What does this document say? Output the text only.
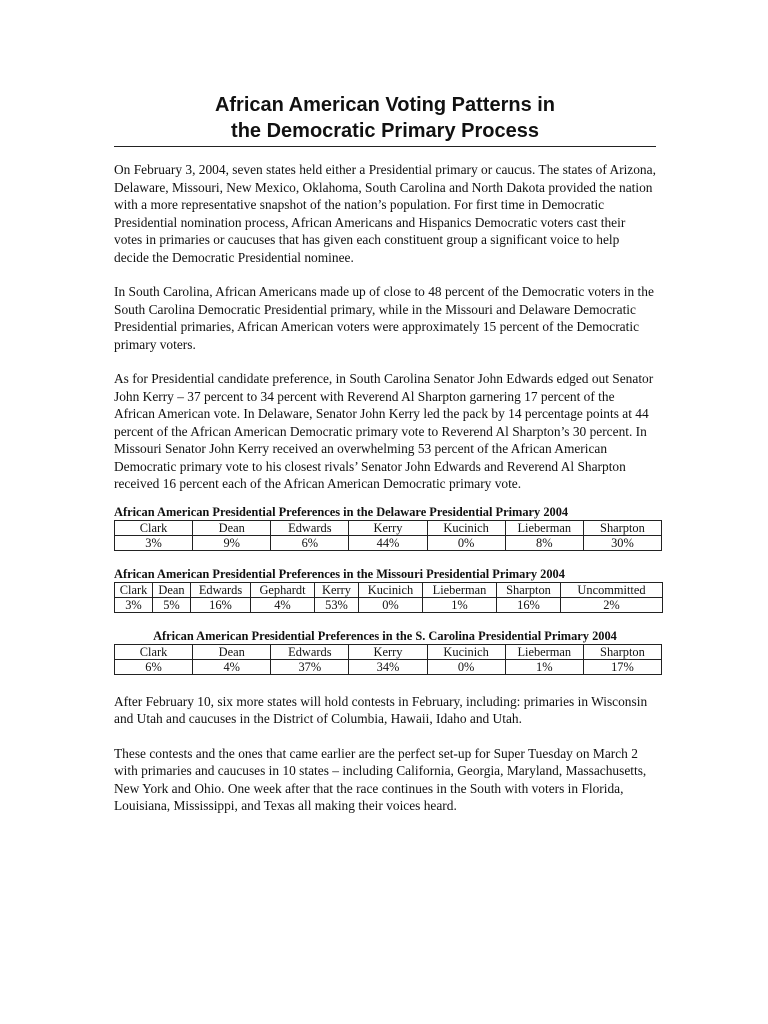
African American Voting Patterns in
the Democratic Primary Process

On February 3, 2004, seven states held either a Presidential primary or caucus. The states of Arizona, Delaware, Missouri, New Mexico, Oklahoma, South Carolina and North Dakota provided the nation with a more representative snapshot of the nation’s population. For first time in Democratic Presidential nomination process, African Americans and Hispanics Democratic voters cast their votes in primaries or caucuses that has given each constituent group a significant voice to help decide the Democratic Presidential nominee.

In South Carolina, African Americans made up of close to 48 percent of the Democratic voters in the South Carolina Democratic Presidential primary, while in the Missouri and Delaware Democratic Presidential primaries, African American voters were approximately 15 percent of the Democratic primary voters.

As for Presidential candidate preference, in South Carolina Senator John Edwards edged out Senator John Kerry – 37 percent to 34 percent with Reverend Al Sharpton garnering 17 percent of the African American vote. In Delaware, Senator John Kerry led the pack by 14 percentage points at 44 percent of the African American Democratic primary vote to Reverend Al Sharpton’s 30 percent. In Missouri Senator John Kerry received an overwhelming 53 percent of the African American Democratic primary vote to his closest rivals’ Senator John Edwards and Reverend Al Sharpton received 16 percent each of the African American Democratic primary vote.

African American Presidential Preferences in the Delaware Presidential Primary 2004
Clark	Dean	Edwards	Kerry	Kucinich	Lieberman	Sharpton
3%	9%	6%	44%	0%	8%	30%
African American Presidential Preferences in the Missouri Presidential Primary 2004
Clark	Dean	Edwards	Gephardt	Kerry	Kucinich	Lieberman	Sharpton	Uncommitted
3%	5%	16%	4%	53%	0%	1%	16%	2%
African American Presidential Preferences in the S. Carolina Presidential Primary 2004
Clark	Dean	Edwards	Kerry	Kucinich	Lieberman	Sharpton
6%	4%	37%	34%	0%	1%	17%

After February 10, six more states will hold contests in February, including: primaries in Wisconsin and Utah and caucuses in the District of Columbia, Hawaii, Idaho and Utah.

These contests and the ones that came earlier are the perfect set-up for Super Tuesday on March 2 with primaries and caucuses in 10 states – including California, Georgia, Maryland, Massachusetts, New York and Ohio. One week after that the race continues in the South with voters in Florida, Louisiana, Mississippi, and Texas all making their voices heard.
